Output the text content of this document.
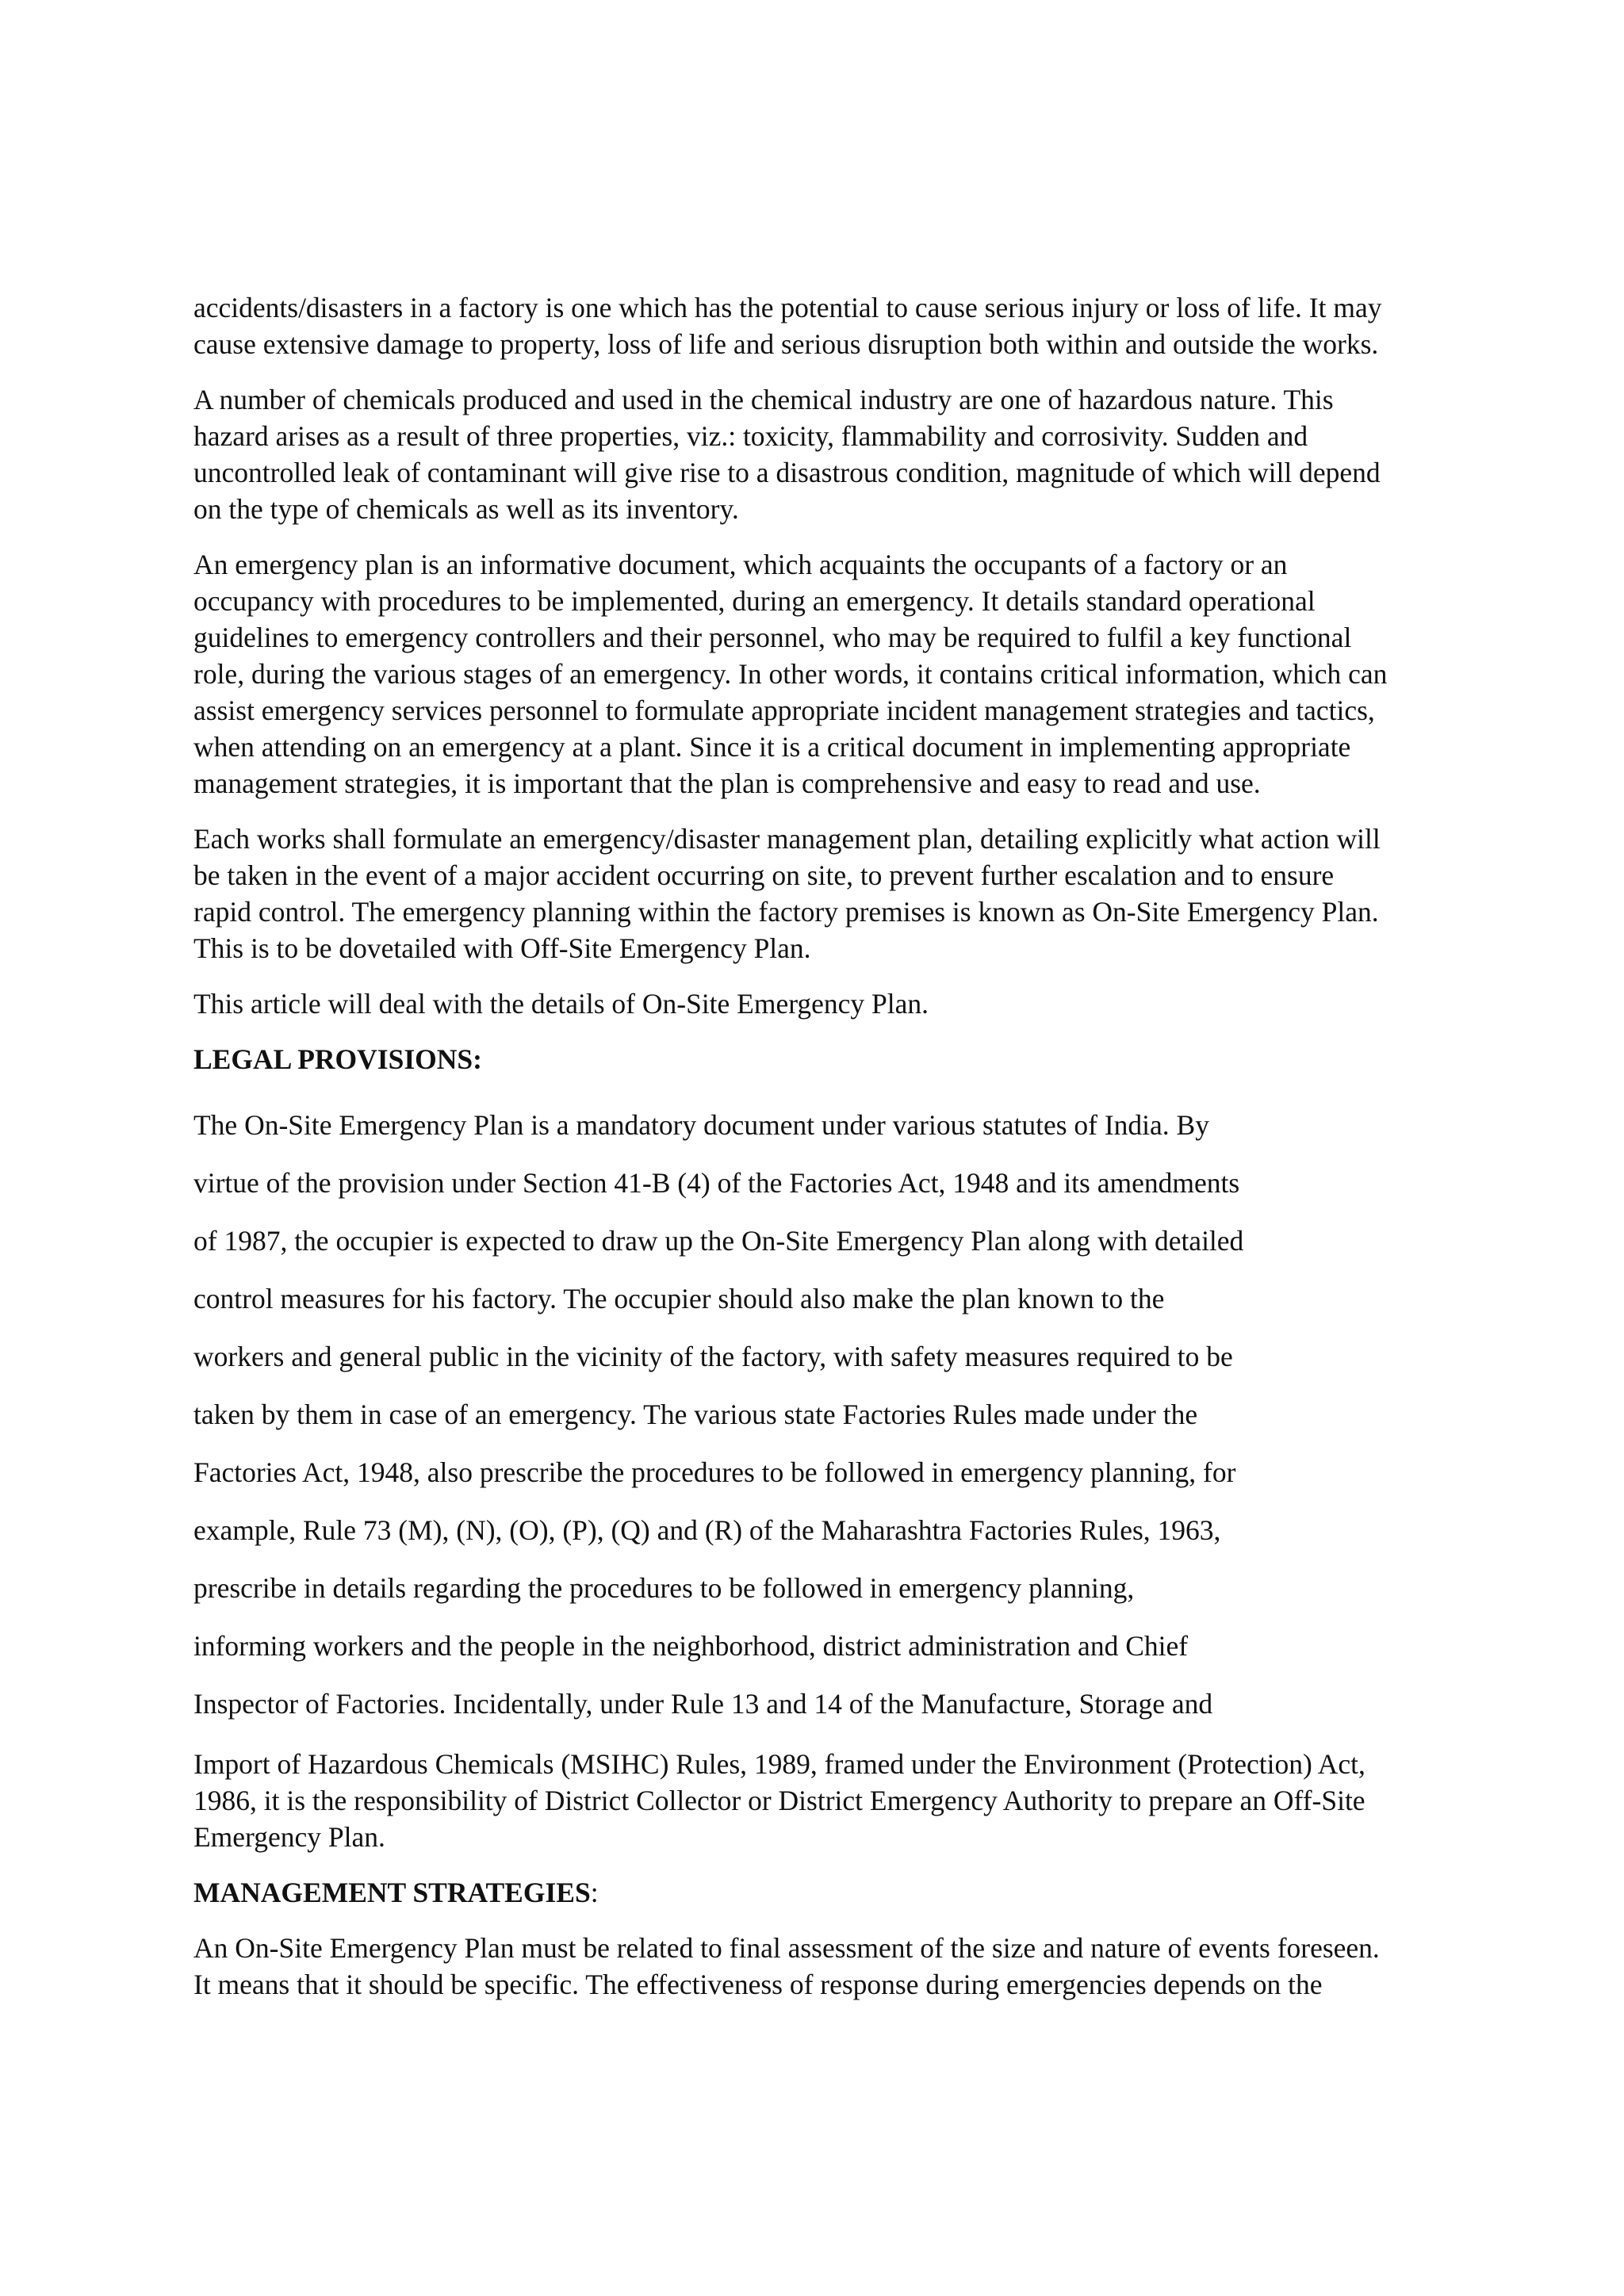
accidents/disasters in a factory is one which has the potential to cause serious injury or loss of life. It may
cause extensive damage to property, loss of life and serious disruption both within and outside the works.

A number of chemicals produced and used in the chemical industry are one of hazardous nature. This
hazard arises as a result of three properties, viz.: toxicity, flammability and corrosivity. Sudden and
uncontrolled leak of contaminant will give rise to a disastrous condition, magnitude of which will depend
on the type of chemicals as well as its inventory.

An emergency plan is an informative document, which acquaints the occupants of a factory or an
occupancy with procedures to be implemented, during an emergency. It details standard operational
guidelines to emergency controllers and their personnel, who may be required to fulfil a key functional
role, during the various stages of an emergency. In other words, it contains critical information, which can
assist emergency services personnel to formulate appropriate incident management strategies and tactics,
when attending on an emergency at a plant. Since it is a critical document in implementing appropriate
management strategies, it is important that the plan is comprehensive and easy to read and use.

Each works shall formulate an emergency/disaster management plan, detailing explicitly what action will
be taken in the event of a major accident occurring on site, to prevent further escalation and to ensure
rapid control. The emergency planning within the factory premises is known as On-Site Emergency Plan.
This is to be dovetailed with Off-Site Emergency Plan.

This article will deal with the details of On-Site Emergency Plan.

LEGAL PROVISIONS:
The On-Site Emergency Plan is a mandatory document under various statutes of India. By
virtue of the provision under Section 41-B (4) of the Factories Act, 1948 and its amendments
of 1987, the occupier is expected to draw up the On-Site Emergency Plan along with detailed
control measures for his factory. The occupier should also make the plan known to the
workers and general public in the vicinity of the factory, with safety measures required to be
taken by them in case of an emergency. The various state Factories Rules made under the
Factories Act, 1948, also prescribe the procedures to be followed in emergency planning, for
example, Rule 73 (M), (N), (O), (P), (Q) and (R) of the Maharashtra Factories Rules, 1963,
prescribe in details regarding the procedures to be followed in emergency planning,
informing workers and the people in the neighborhood, district administration and Chief
Inspector of Factories. Incidentally, under Rule 13 and 14 of the Manufacture, Storage and

Import of Hazardous Chemicals (MSIHC) Rules, 1989, framed under the Environment (Protection) Act,
1986, it is the responsibility of District Collector or District Emergency Authority to prepare an Off-Site
Emergency Plan.

MANAGEMENT STRATEGIES:

An On-Site Emergency Plan must be related to final assessment of the size and nature of events foreseen.
It means that it should be specific. The effectiveness of response during emergencies depends on the
